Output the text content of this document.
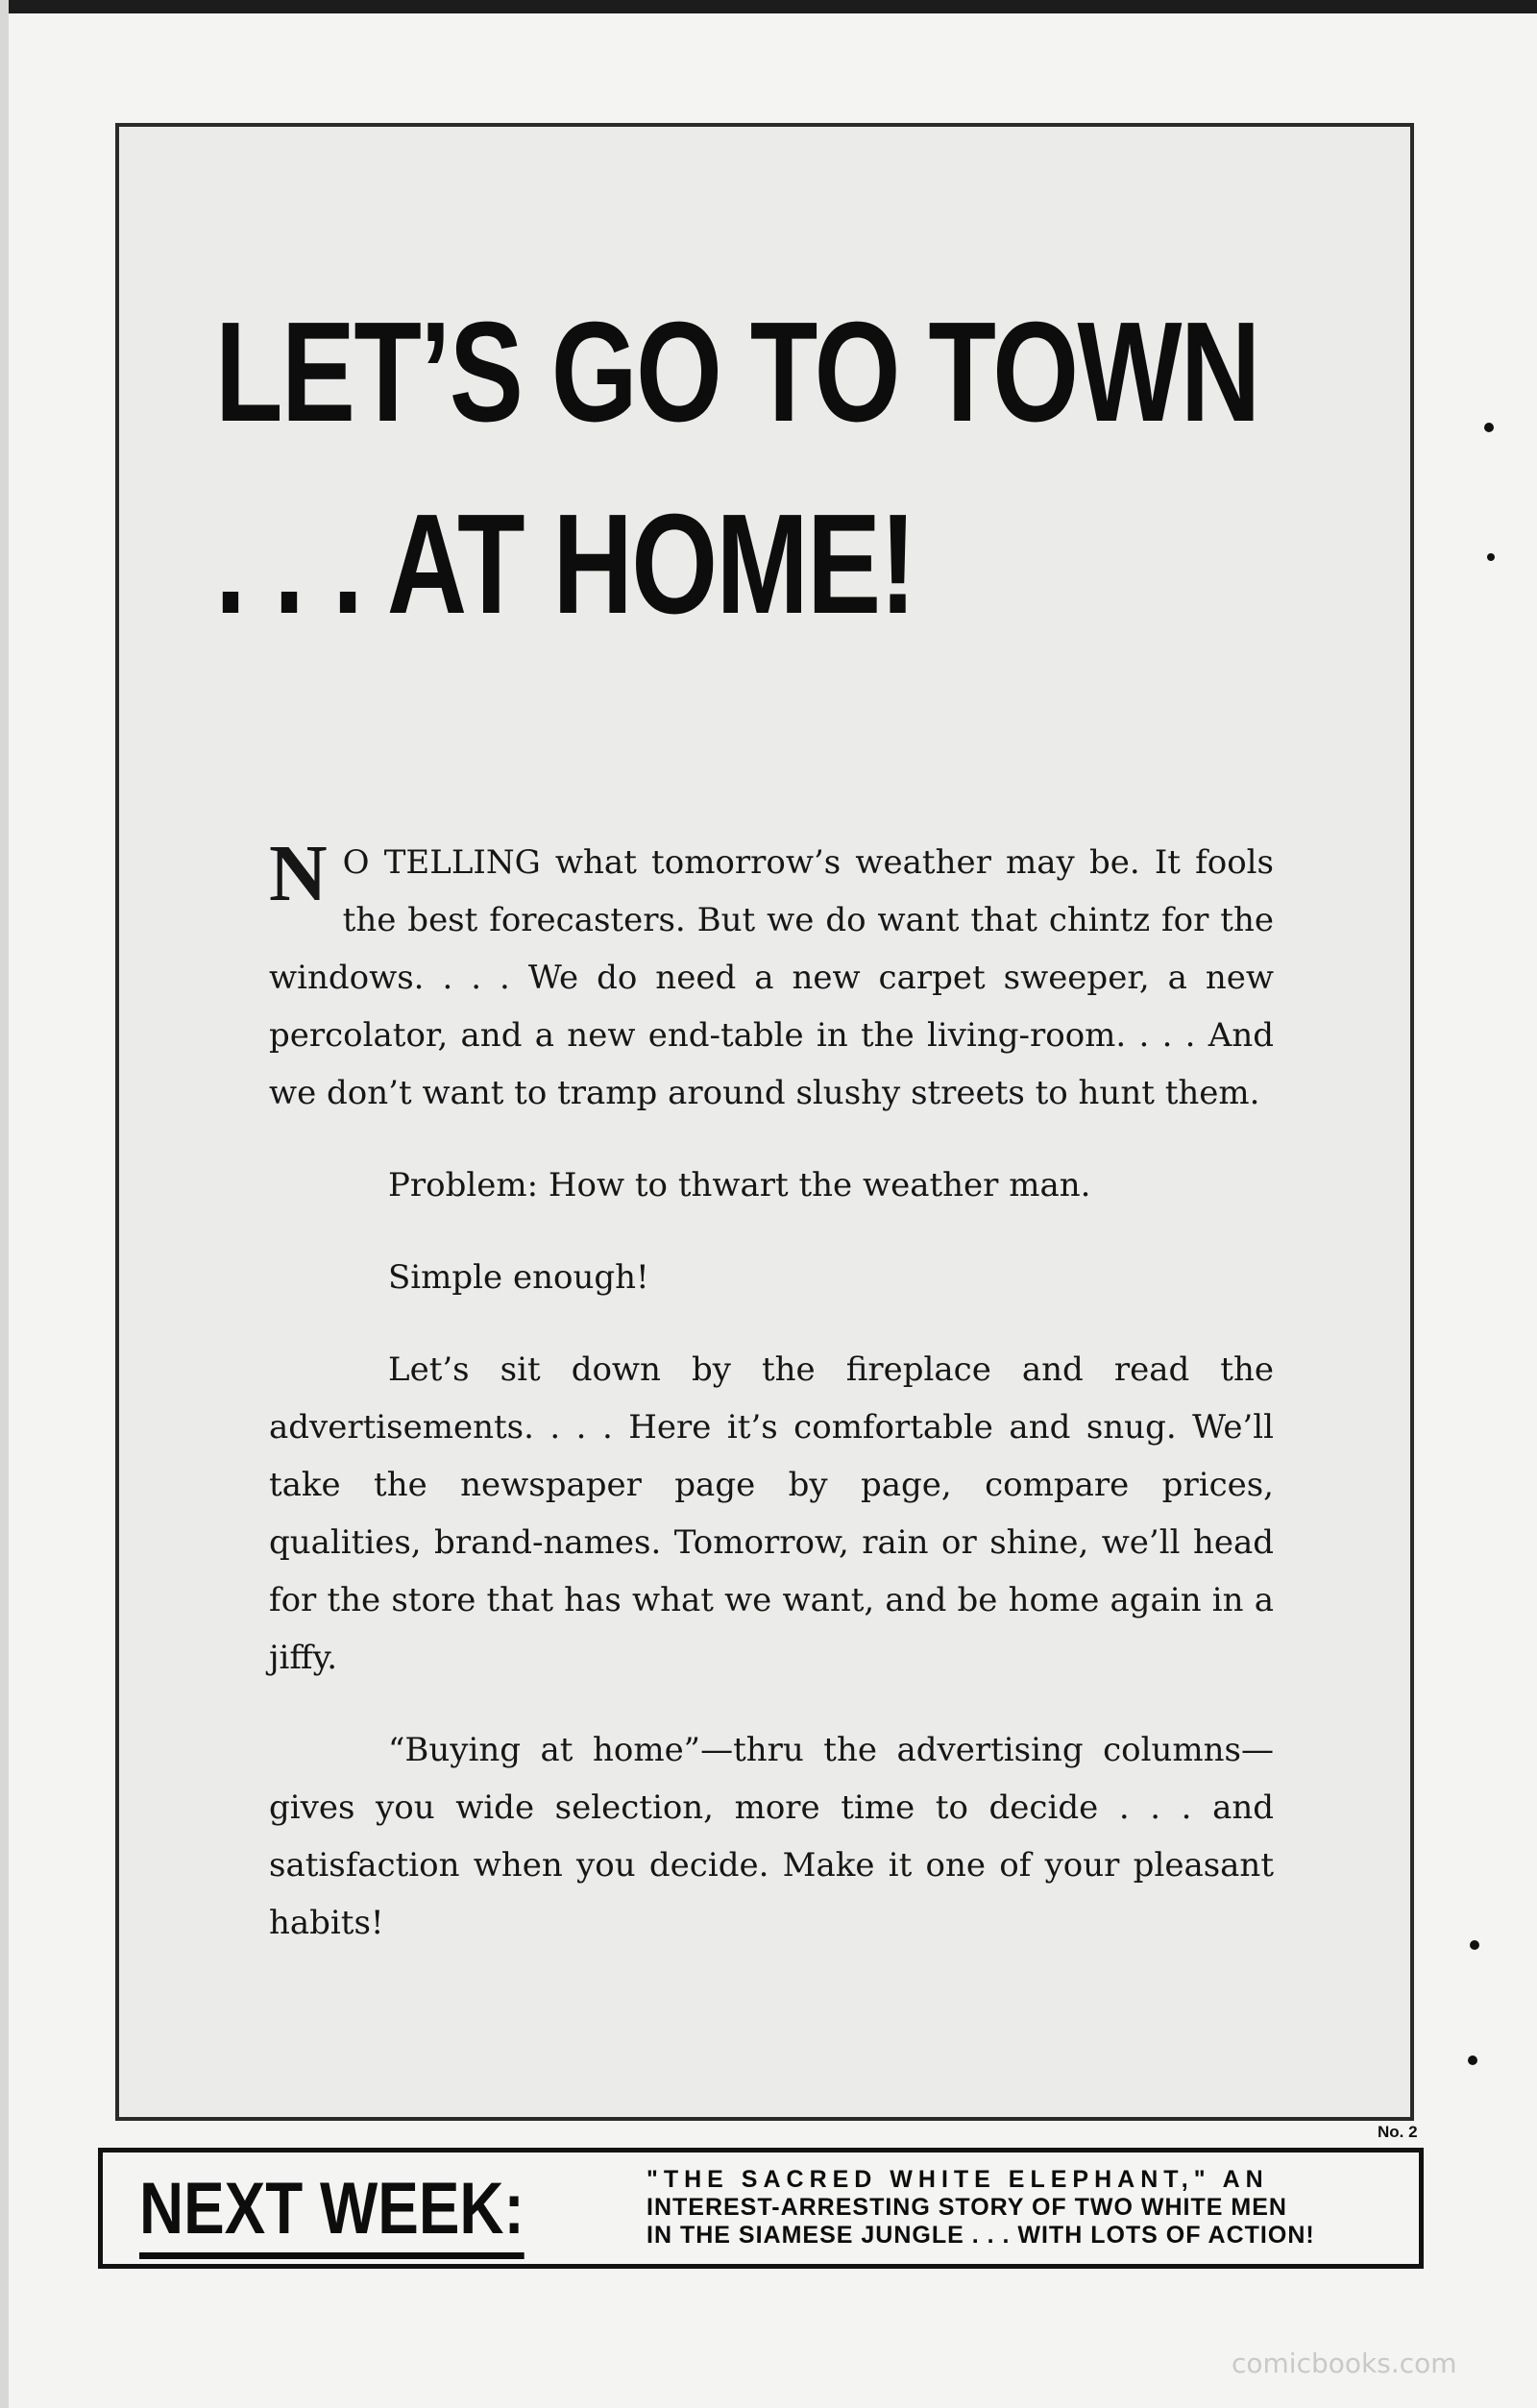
LET’S GO TO TOWN
. . . AT HOME!

N O TELLING what tomorrow’s weather may be. It fools the best forecasters. But we do want that chintz for the windows. . . . We do need a new carpet sweeper, a new percolator, and a new end-table in the living-room. . . . And we don’t want to tramp around slushy streets to hunt them.

Problem: How to thwart the weather man.

Simple enough!

Let’s sit down by the fireplace and read the advertisements. . . . Here it’s comfortable and snug. We’ll take the newspaper page by page, compare prices, qualities, brand-names. Tomorrow, rain or shine, we’ll head for the store that has what we want, and be home again in a jiffy.

“Buying at home”—thru the advertising columns—gives you wide selection, more time to decide . . . and satisfaction when you decide. Make it one of your pleasant habits!

No. 2
NEXT WEEK:	"THE SACRED WHITE ELEPHANT," AN
INTEREST-ARRESTING STORY OF TWO WHITE MEN
IN THE SIAMESE JUNGLE . . . WITH LOTS OF ACTION!
comicbooks.com
